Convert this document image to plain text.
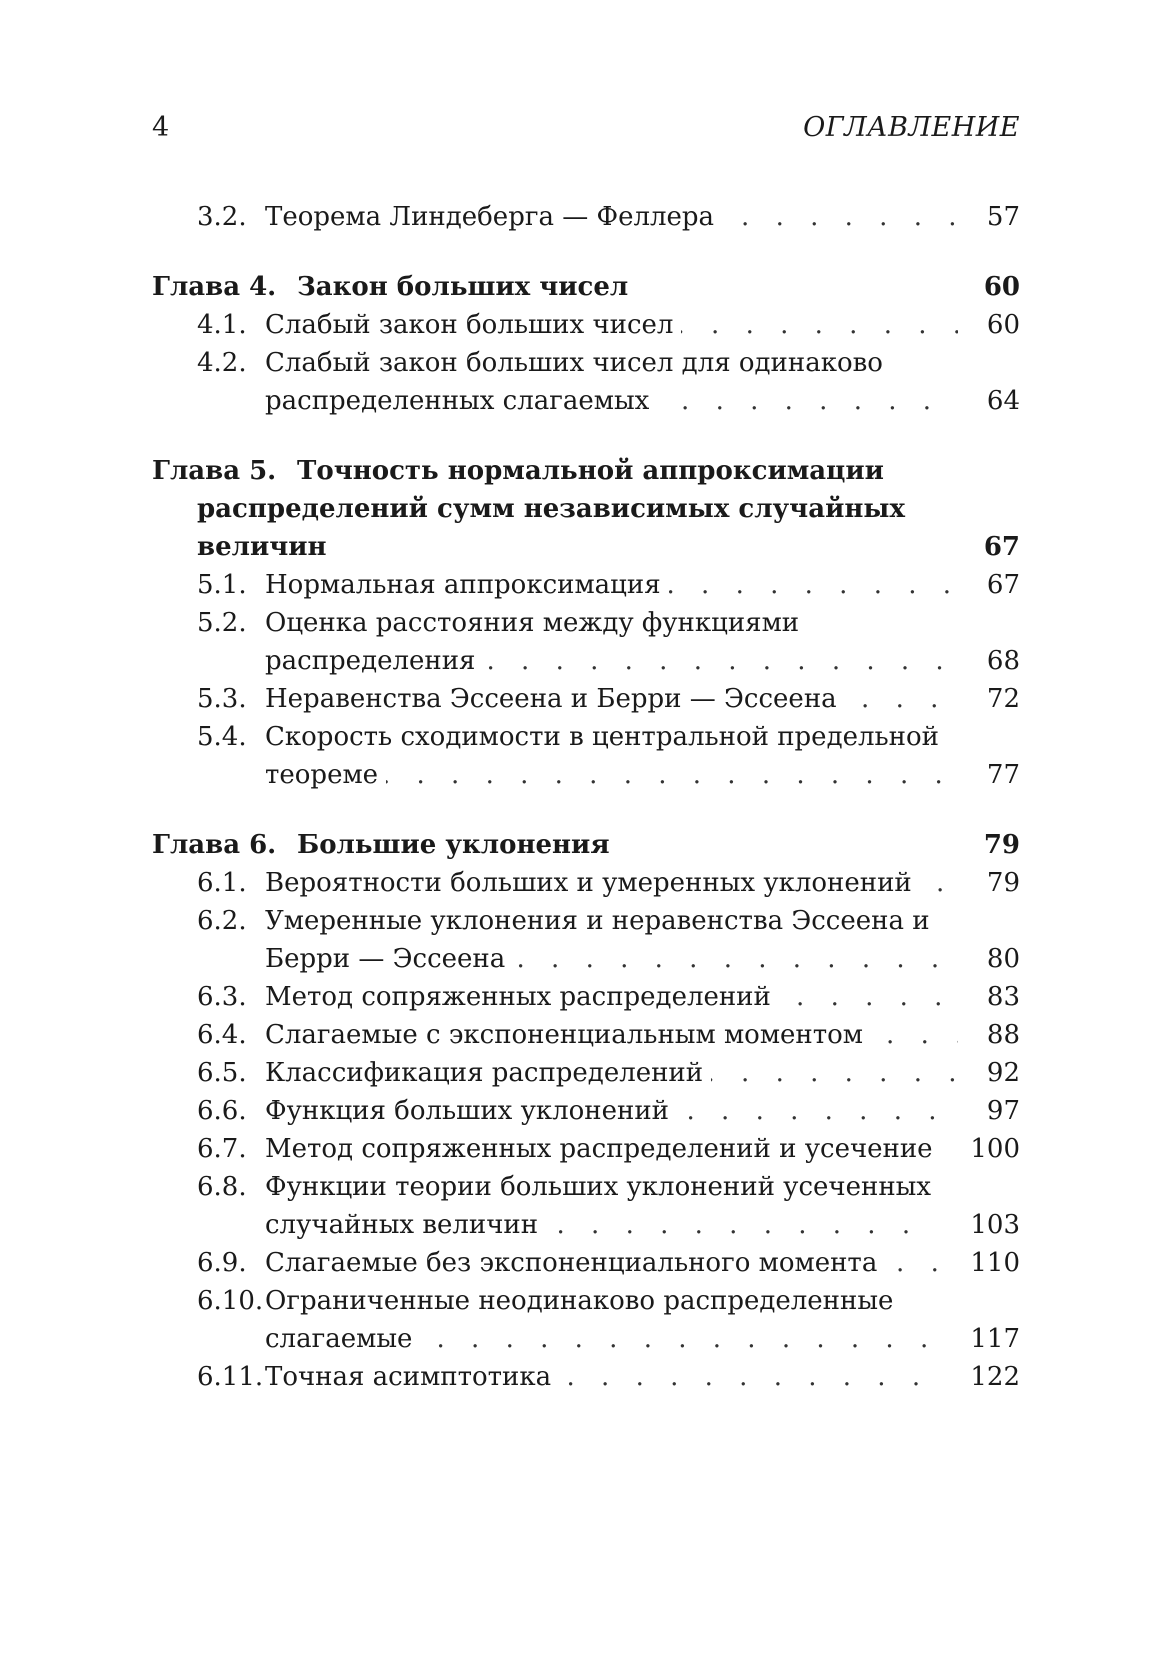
4	ОГЛАВЛЕНИЕ
3.2. . . . Теорема Линдеберга — Феллера	57
Глава 4. Закон больших чисел	60
4.1. . . . Слабый закон больших чисел	60
4.2. Слабый закон больших чисел для одинаково
. . .
распределенных слагаемых	64
Глава 5. Точность нормальной аппроксимации
распределений сумм независимых случайных
величин	67
5.1. . . . Нормальная аппроксимация	67
5.2. Оценка расстояния между функциями
. . .
распределения	68
5.3. . . . Неравенства Эссеена и Берри — Эссеена	72
5.4. Скорость сходимости в центральной предельной
. . .
теореме	77
Глава 6. Большие уклонения	79
6.1. . . . Вероятности больших и умеренных уклонений	79
6.2. Умеренные уклонения и неравенства Эссеена и
. . .
Берри — Эссеена	80
6.3. . . . Метод сопряженных распределений	83
6.4. . . . Слагаемые с экспоненциальным моментом	88
6.5. . . . Классификация распределений	92
6.6. . . . Функция больших уклонений	97
6.7. . . . Метод сопряженных распределений и усечение	100
6.8. Функции теории больших уклонений усеченных
. . .
случайных величин	103
6.9. . . . Слагаемые без экспоненциального момента	110
6.10. Ограниченные неодинаково распределенные
. . .
слагаемые	117
6.11. . . . Точная асимптотика	122
